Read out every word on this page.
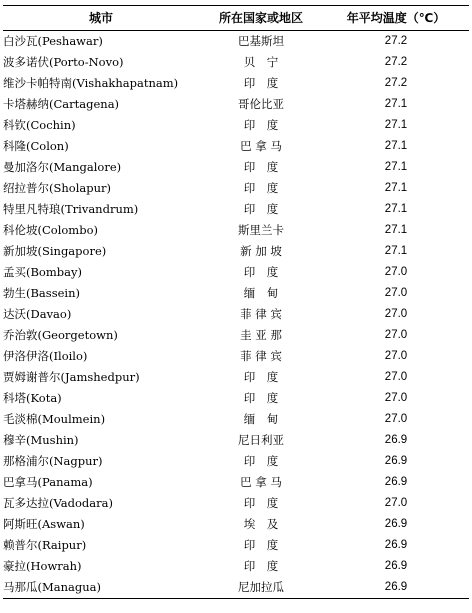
城市	所在国家或地区	年平均温度（℃）
白沙瓦(Peshawar)	巴基斯坦	27.2
波多诺伏(Porto-Novo)	贝　宁	27.2
维沙卡帕特南(Vishakhapatnam)	印　度	27.2
卡塔赫纳(Cartagena)	哥伦比亚	27.1
科钦(Cochin)	印　度	27.1
科隆(Colon)	巴 拿 马	27.1
曼加洛尔(Mangalore)	印　度	27.1
绍拉普尔(Sholapur)	印　度	27.1
特里凡特琅(Trivandrum)	印　度	27.1
科伦坡(Colombo)	斯里兰卡	27.1
新加坡(Singapore)	新 加 坡	27.1
孟买(Bombay)	印　度	27.0
勃生(Bassein)	缅　甸	27.0
达沃(Davao)	菲 律 宾	27.0
乔治敦(Georgetown)	圭 亚 那	27.0
伊洛伊洛(Iloilo)	菲 律 宾	27.0
贾姆谢普尔(Jamshedpur)	印　度	27.0
科塔(Kota)	印　度	27.0
毛淡棉(Moulmein)	缅　甸	27.0
穆辛(Mushin)	尼日利亚	26.9
那格浦尔(Nagpur)	印　度	26.9
巴拿马(Panama)	巴 拿 马	26.9
瓦多达拉(Vadodara)	印　度	27.0
阿斯旺(Aswan)	埃　及	26.9
赖普尔(Raipur)	印　度	26.9
豪拉(Howrah)	印　度	26.9
马那瓜(Managua)	尼加拉瓜	26.9
